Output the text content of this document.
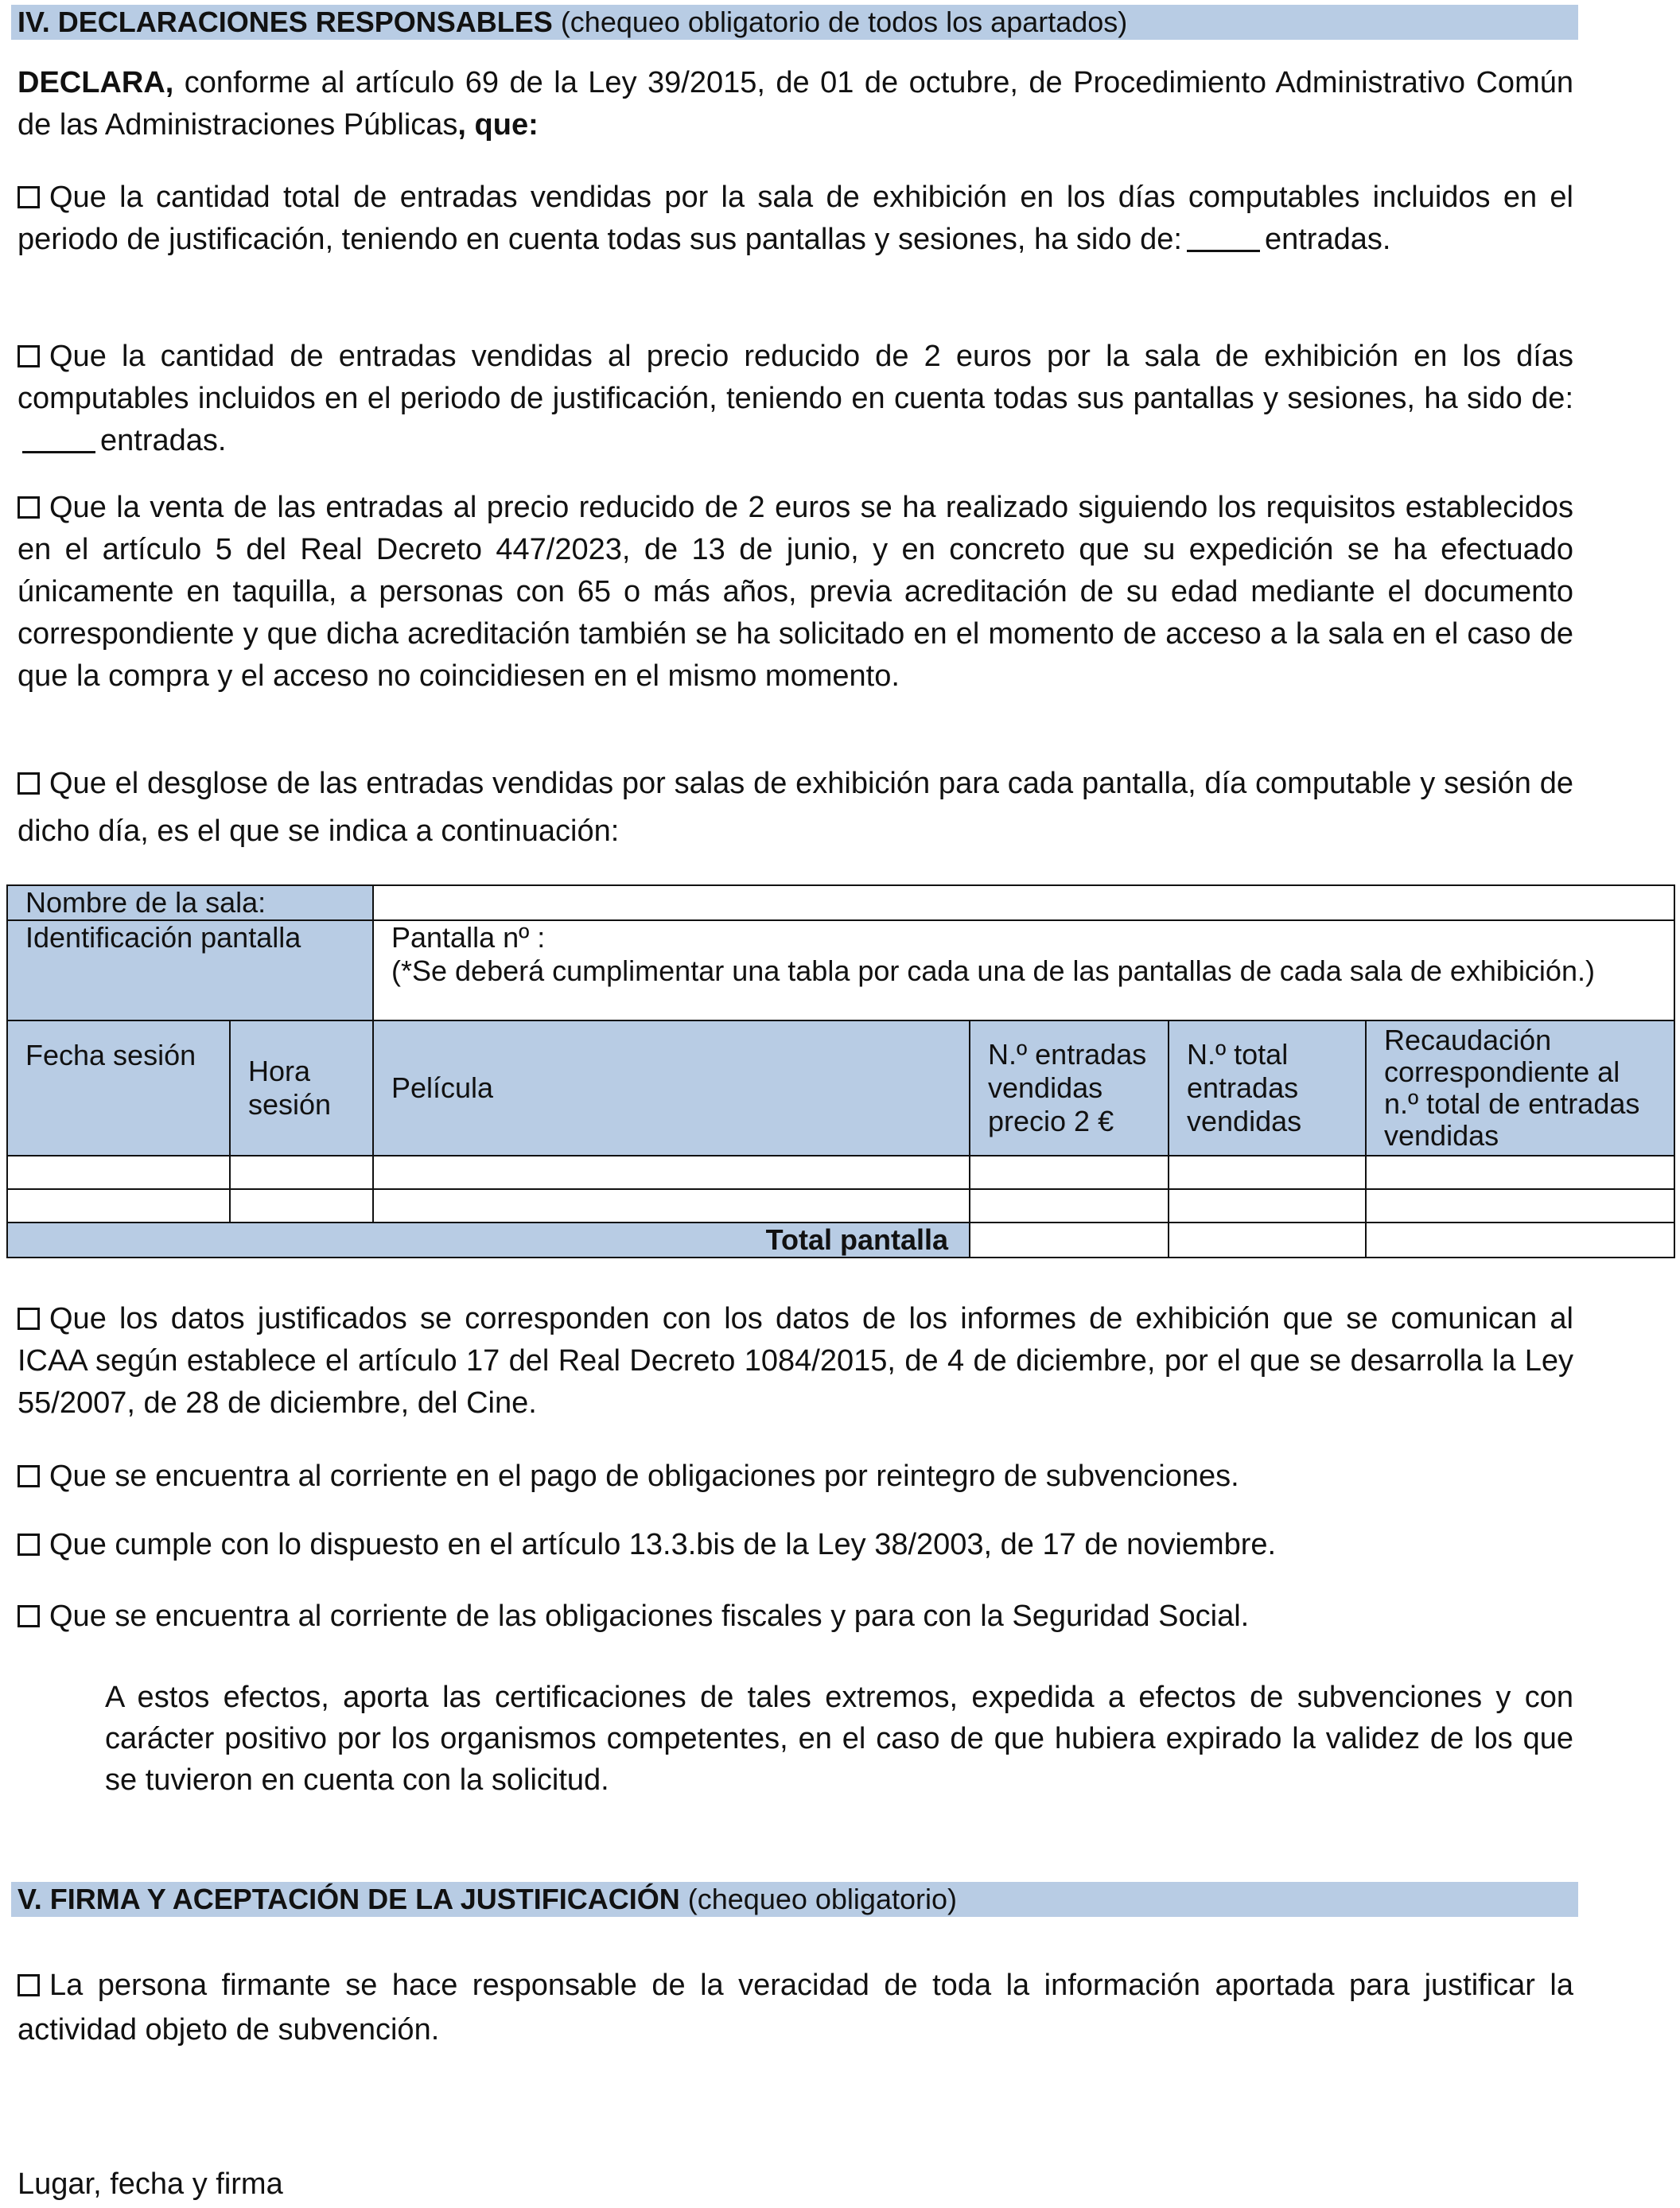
IV. DECLARACIONES RESPONSABLES (chequeo obligatorio de todos los apartados)

DECLARA, conforme al artículo 69 de la Ley 39/2015, de 01 de octubre, de Procedimiento Administrativo Común de las Administraciones Públicas, que:

Que la cantidad total de entradas vendidas por la sala de exhibición en los días computables incluidos en el periodo de justificación, teniendo en cuenta todas sus pantallas y sesiones, ha sido de:	entradas.

Que la cantidad de entradas vendidas al precio reducido de 2 euros por la sala de exhibición en los días computables incluidos en el periodo de justificación, teniendo en cuenta todas sus pantallas y sesiones, ha sido de:entradas.

Que la venta de las entradas al precio reducido de 2 euros se ha realizado siguiendo los requisitos establecidos en el artículo 5 del Real Decreto 447/2023, de 13 de junio, y en concreto que su expedición se ha efectuado únicamente en taquilla, a personas con 65 o más años, previa acreditación de su edad mediante el documento correspondiente y que dicha acreditación también se ha solicitado en el momento de acceso a la sala en el caso de que la compra y el acceso no coincidiesen en el mismo momento.

Que el desglose de las entradas vendidas por salas de exhibición para cada pantalla, día computable y sesión de dicho día, es el que se indica a continuación:

Nombre de la sala:					
Identificación pantalla		Pantalla nº :
(*Se deberá cumplimentar una tabla por cada una de las pantallas de cada sala de exhibición.)			

Fecha sesión	Hora sesión	Película	N.º entradas vendidas precio 2 €	N.º total entradas vendidas	Recaudación correspondiente al n.º total de entradas vendidas

Total pantalla					

Que los datos justificados se corresponden con los datos de los informes de exhibición que se comunican al ICAA según establece el artículo 17 del Real Decreto 1084/2015, de 4 de diciembre, por el que se desarrolla la Ley 55/2007, de 28 de diciembre, del Cine.

Que se encuentra al corriente en el pago de obligaciones por reintegro de subvenciones.

Que cumple con lo dispuesto en el artículo 13.3.bis de la Ley 38/2003, de 17 de noviembre.

Que se encuentra al corriente de las obligaciones fiscales y para con la Seguridad Social.

A estos efectos, aporta las certificaciones de tales extremos, expedida a efectos de subvenciones y con carácter positivo por los organismos competentes, en el caso de que hubiera expirado la validez de los que se tuvieron en cuenta con la solicitud.

V. FIRMA Y ACEPTACIÓN DE LA JUSTIFICACIÓN (chequeo obligatorio)

La persona firmante se hace responsable de la veracidad de toda la información aportada para justificar la actividad objeto de subvención.

Lugar, fecha y firma
